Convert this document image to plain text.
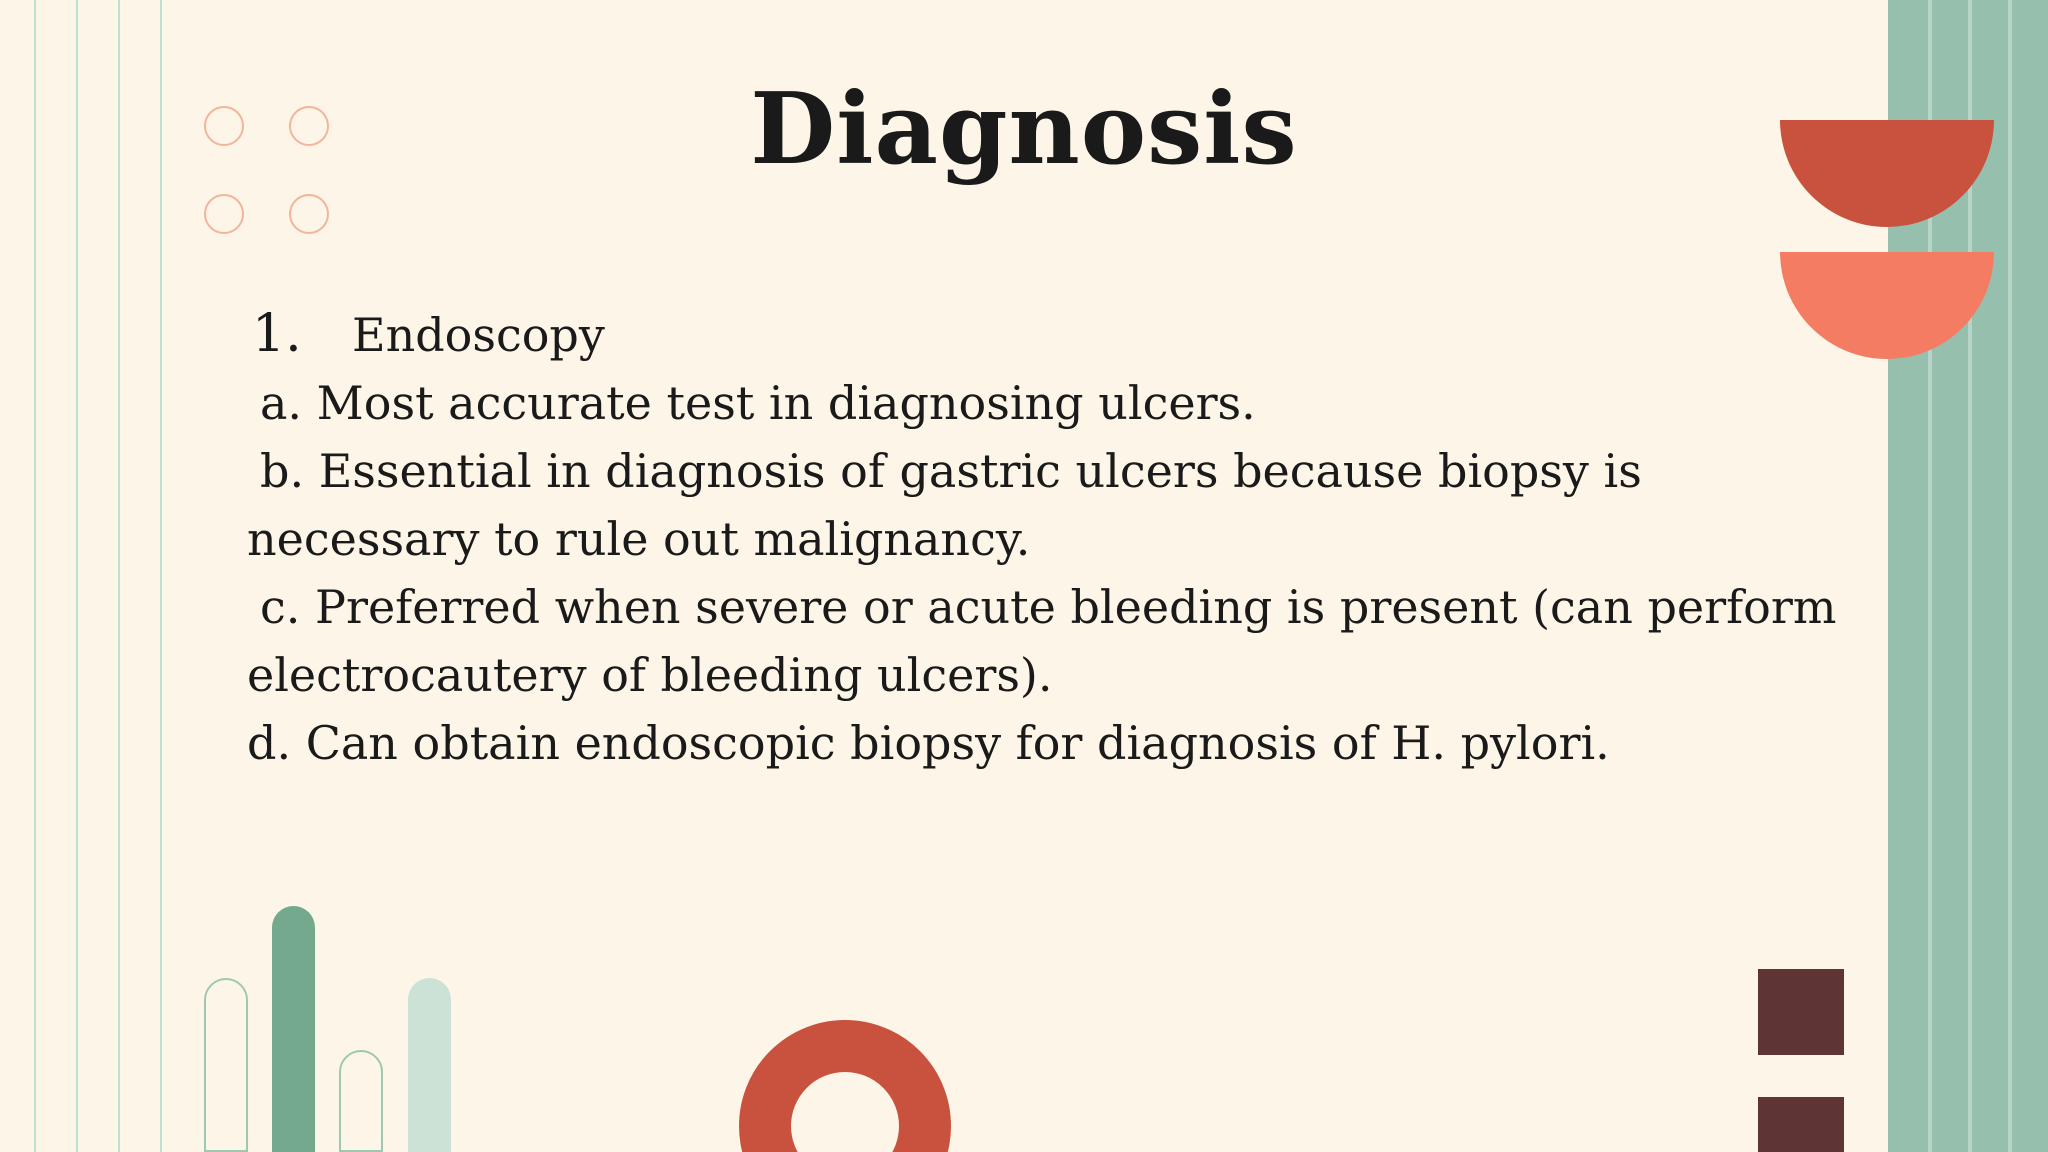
Diagnosis

1. Endoscopy

a. Most accurate test in diagnosing ulcers.

b. Essential in diagnosis of gastric ulcers because biopsy is

necessary to rule out malignancy.

c. Preferred when severe or acute bleeding is present (can perform

electrocautery of bleeding ulcers).

d. Can obtain endoscopic biopsy for diagnosis of H. pylori.
